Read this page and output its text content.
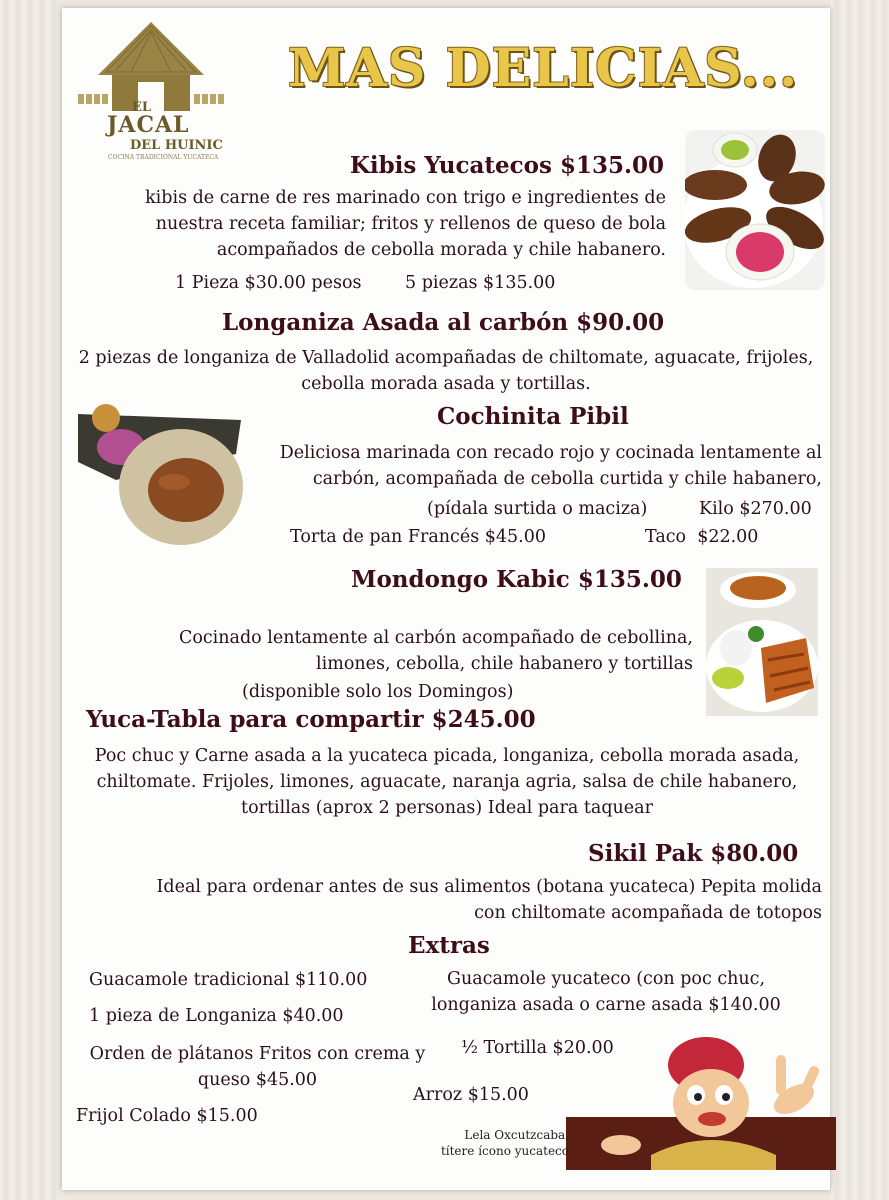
EL
JACAL
DEL HUINIC
COCINA TRADICIONAL YUCATECA
MAS DELICIAS...
Kibis Yucatecos $135.00
kibis de carne de res marinado con trigo e ingredientes de nuestra receta familiar; fritos y rellenos de queso de bola acompañados de cebolla morada y chile habanero.
1 Pieza $30.00 pesos 5 piezas $135.00
Longaniza Asada al carbón $90.00
2 piezas de longaniza de Valladolid acompañadas de chiltomate, aguacate, frijoles, cebolla morada asada y tortillas.
Cochinita Pibil
Deliciosa marinada con recado rojo y cocinada lentamente al carbón, acompañada de cebolla curtida y chile habanero,
(pídala surtida o maciza)	Kilo $270.00
Torta de pan Francés $45.00	Taco  $22.00
Mondongo Kabic $135.00
Cocinado lentamente al carbón acompañado de cebollina, limones, cebolla, chile habanero y tortillas
(disponible solo los Domingos)
Yuca-Tabla para compartir $245.00
Poc chuc y Carne asada a la yucateca picada, longaniza, cebolla morada asada, chiltomate. Frijoles, limones, aguacate, naranja agria, salsa de chile habanero, tortillas (aprox 2 personas) Ideal para taquear
Sikil Pak $80.00
Ideal para ordenar antes de sus alimentos (botana yucateca) Pepita molida con chiltomate acompañada de totopos
Extras
Guacamole tradicional $110.00	Guacamole yucateco (con poc chuc, longaniza asada o carne asada $140.00
1 pieza de Longaniza $40.00
Orden de plátanos Fritos con crema y queso $45.00
½ Tortilla $20.00
Arroz $15.00
Frijol Colado $15.00
Lela Oxcutzcaba,
títere ícono yucateco
